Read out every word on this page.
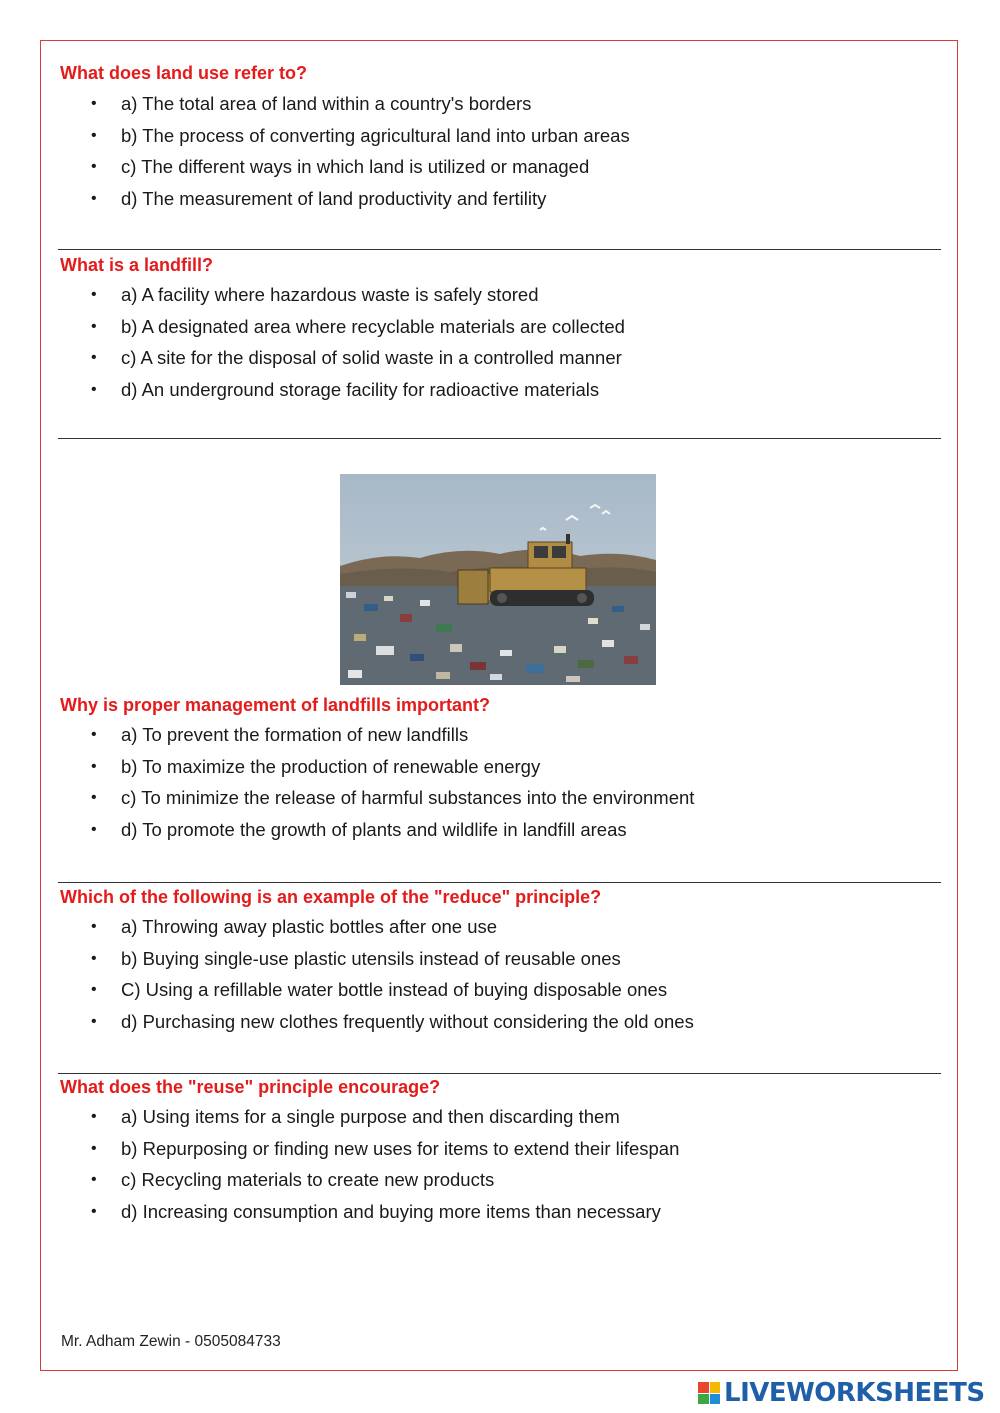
What does land use refer to?

• a) The total area of land within a country's borders
• b) The process of converting agricultural land into urban areas
• c) The different ways in which land is utilized or managed
• d) The measurement of land productivity and fertility

What is a landfill?

• a) A facility where hazardous waste is safely stored
• b) A designated area where recyclable materials are collected
• c) A site for the disposal of solid waste in a controlled manner
• d) An underground storage facility for radioactive materials

Why is proper management of landfills important?

• a) To prevent the formation of new landfills
• b) To maximize the production of renewable energy
• c) To minimize the release of harmful substances into the environment
• d) To promote the growth of plants and wildlife in landfill areas

Which of the following is an example of the "reduce" principle?

• a) Throwing away plastic bottles after one use
• b) Buying single-use plastic utensils instead of reusable ones
• C) Using a refillable water bottle instead of buying disposable ones
• d) Purchasing new clothes frequently without considering the old ones

What does the "reuse" principle encourage?

• a) Using items for a single purpose and then discarding them
• b) Repurposing or finding new uses for items to extend their lifespan
• c) Recycling materials to create new products
• d) Increasing consumption and buying more items than necessary
Mr. Adham Zewin - 0505084733
LIVEWORKSHEETS
